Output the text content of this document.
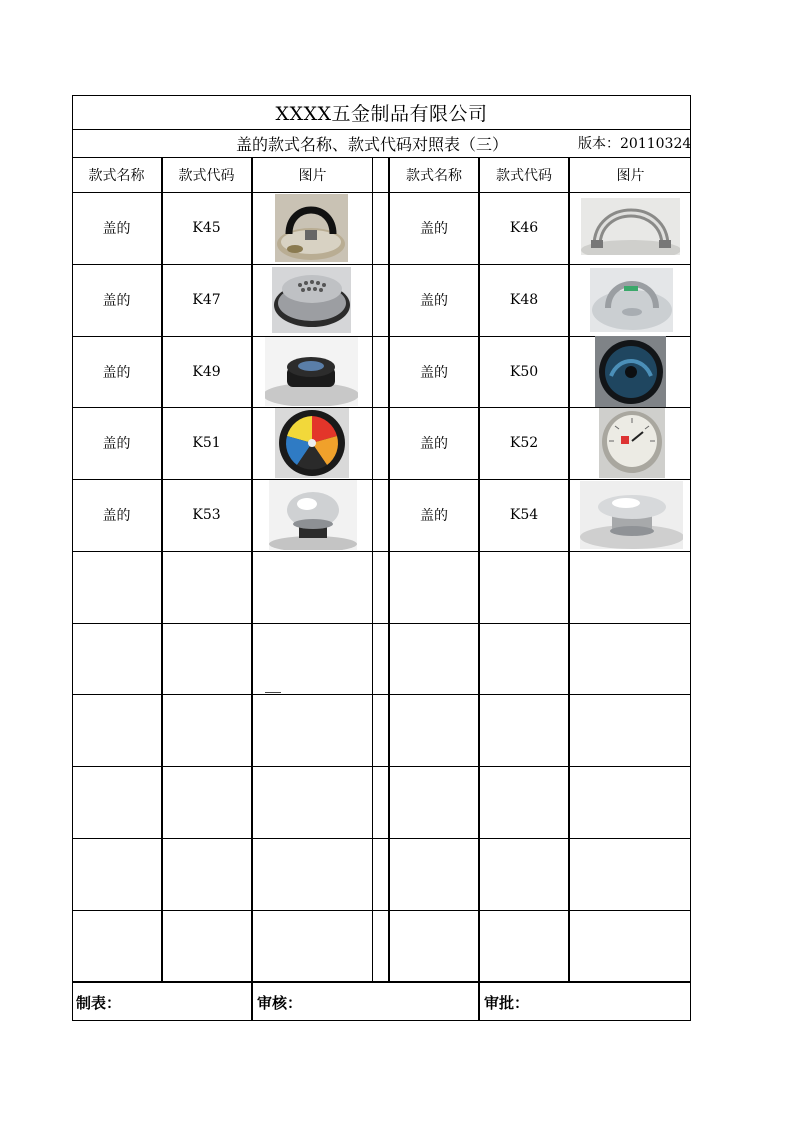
XXXX五金制品有限公司
盖的款式名称、款式代码对照表（三）	版本：20110324
款式名称	款式代码	图片	款式名称	款式代码	图片
盖的	K45	盖的	K46
盖的	K47	盖的	K48
盖的	K49	盖的	K50
盖的	K51	盖的	K52
盖的	K53	盖的	K54
制表：	审核：	审批：
